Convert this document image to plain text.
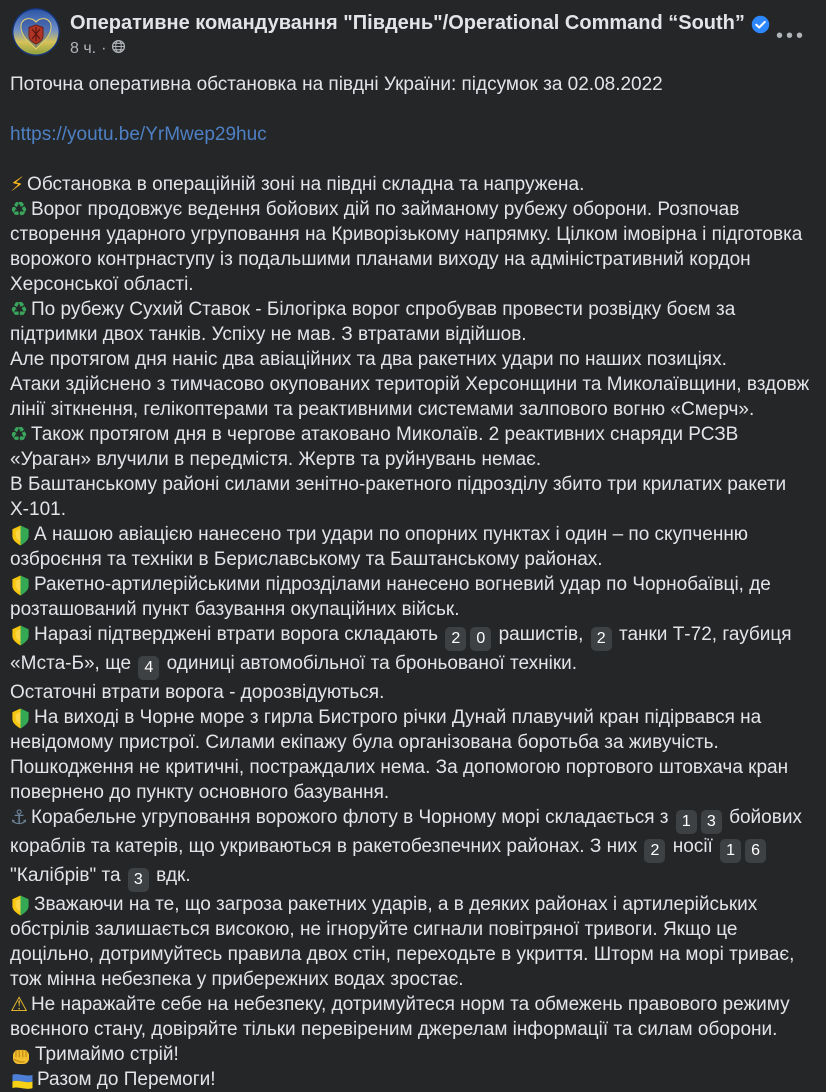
Оперативне командування "Південь"/Operational Command “South”
8 ч. ·
•••

Поточна оперативна обстановка на півдні України: підсумок за 02.08.2022

https://youtu.be/YrMwep29huc

⚡ Обстановка в операційній зоні на півдні складна та напружена.

♻ Ворог продовжує ведення бойових дій по займаному рубежу оборони. Розпочав створення ударного угруповання на Криворізькому напрямку. Цілком імовірна і підготовка ворожого контрнаступу із подальшими планами виходу на адміністративний кордон Херсонської області.

♻ По рубежу Сухий Ставок - Білогірка ворог спробував провести розвідку боєм за підтримки двох танків. Успіху не мав. З втратами відійшов.

Але протягом дня наніс два авіаційних та два ракетних удари по наших позиціях.

Атаки здійснено з тимчасово окупованих територій Херсонщини та Миколаївщини, вздовж лінії зіткнення, гелікоптерами та реактивними системами залпового вогню «Смерч».

♻ Також протягом дня в чергове атаковано Миколаїв. 2 реактивних снаряди РСЗВ «Ураган» влучили в передмістя. Жертв та руйнувань немає.

В Баштанському районі силами зенітно-ракетного підрозділу збито три крилатих ракети Х-101.

А нашою авіацією нанесено три удари по опорних пунктах і один – по скупченню озброєння та техніки в Бериславському та Баштанському районах.

Ракетно-артилерійськими підрозділами нанесено вогневий удар по Чорнобаївці, де розташований пункт базування окупаційних військ.

Наразі підтверджені втрати ворога складають 2 0 рашистів, 2 танки Т-72, гаубиця «Мста-Б», ще 4 одиниці автомобільної та броньованої техніки.

Остаточні втрати ворога - дорозвідуються.

На виході в Чорне море з гирла Бистрого річки Дунай плавучий кран підірвався на невідомому пристрої. Силами екіпажу була організована боротьба за живучість. Пошкодження не критичні, постраждалих нема. За допомогою портового штовхача кран повернено до пункту основного базування.

⚓ Корабельне угруповання ворожого флоту в Чорному морі складається з 1 3 бойових кораблів та катерів, що укриваються в ракетобезпечних районах. З них 2 носії 1 6 "Калібрів" та 3 вдк.

Зважаючи на те, що загроза ракетних ударів, а в деяких районах і артилерійських обстрілів залишається високою, не ігноруйте сигнали повітряної тривоги. Якщо це доцільно, дотримуйтесь правила двох стін, переходьте в укриття. Шторм на морі триває, тож мінна небезпека у прибережних водах зростає.

⚠ Не наражайте себе на небезпеку, дотримуйтеся норм та обмежень правового режиму воєнного стану, довіряйте тільки перевіреним джерелам інформації та силам оборони.

Тримаймо стрій!

Разом до Перемоги!
